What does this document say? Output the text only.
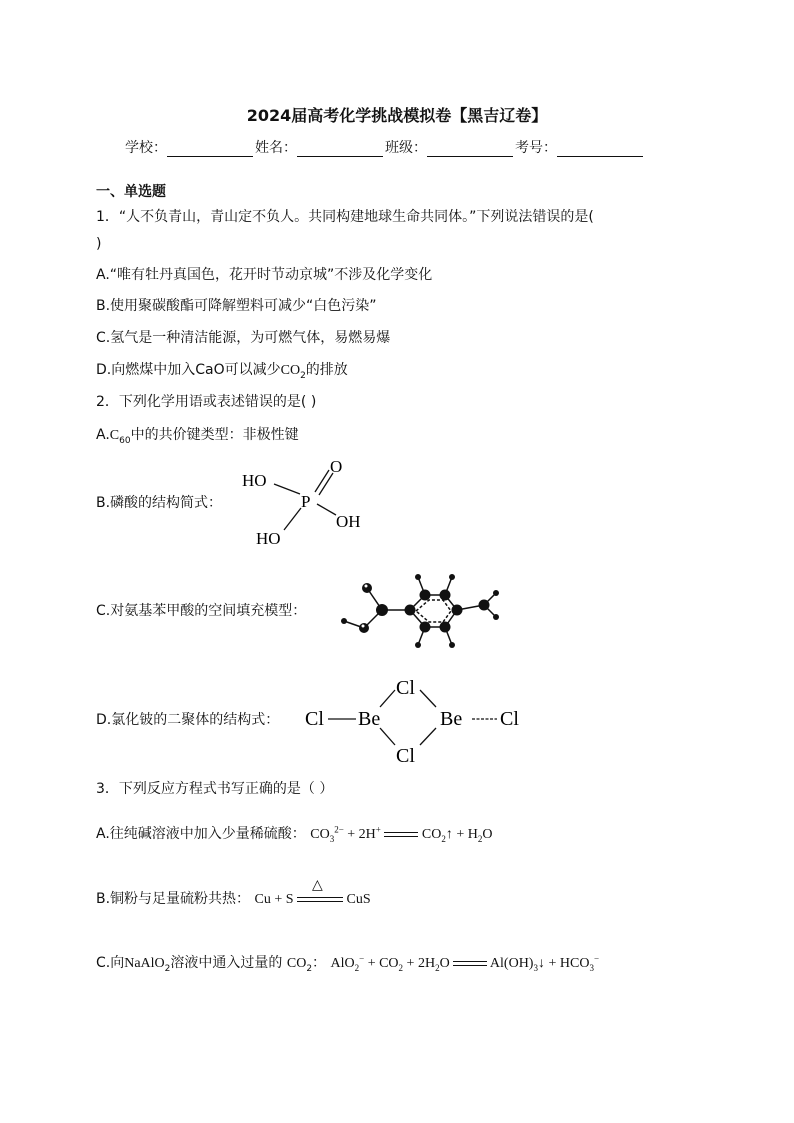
2024届高考化学挑战模拟卷【黑吉辽卷】
学校：	姓名：	班级：	考号：
一、单选题
1．“人不负青山，青山定不负人。共同构建地球生命共同体。”下列说法错误的是(
)
A.“唯有牡丹真国色，花开时节动京城”不涉及化学变化
B.使用聚碳酸酯可降解塑料可减少“白色污染”
C.氢气是一种清洁能源，为可燃气体，易燃易爆
D.向燃煤中加入CaO可以减少$CO_2$的排放
2．下列化学用语或表述错误的是( )
$A.C_{60}$中的共价键类型：非极性键
B.磷酸的结构简式：
HO
O
P
OH
HO
C.对氨基苯甲酸的空间填充模型：
D.氯化铍的二聚体的结构式：
Cl
Cl Be	Be Cl
Cl
3．下列反应方程式书写正确的是（ ）
A.往纯碱溶液中加入少量稀硫酸： $CO_3^{2-} + 2H^+$	$CO_2↑ + H_2O$
B.铜粉与足量硫粉共热： Cu + S
△
CuS
C.向NaAlO$_2$溶液中通入过量的 $CO_2$： $AlO_2^- + CO_2 + 2H_2O$	$Al(OH)_3↓ + HCO_3^-$
